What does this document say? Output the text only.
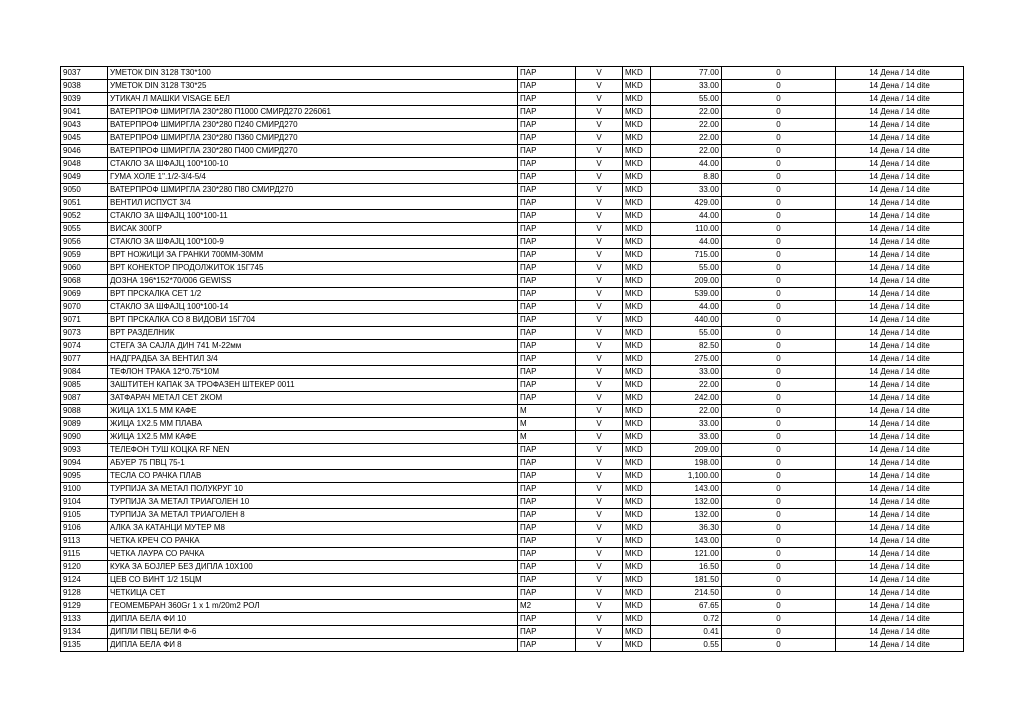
9037	УМЕТОК DIN 3128 T30*100	ПАР	V	MKD	77.00	0	14 Дена / 14 dite
9038	УМЕТОК DIN 3128 T30*25	ПАР	V	MKD	33.00	0	14 Дена / 14 dite
9039	УТИКАЧ Л МАШКИ VISAGE БЕЛ	ПАР	V	MKD	55.00	0	14 Дена / 14 dite
9041	ВАТЕРПРОФ ШМИРГЛА 230*280 П1000 СМИРД270 226061	ПАР	V	MKD	22.00	0	14 Дена / 14 dite
9043	ВАТЕРПРОФ ШМИРГЛА 230*280 П240 СМИРД270	ПАР	V	MKD	22.00	0	14 Дена / 14 dite
9045	ВАТЕРПРОФ ШМИРГЛА 230*280 П360 СМИРД270	ПАР	V	MKD	22.00	0	14 Дена / 14 dite
9046	ВАТЕРПРОФ ШМИРГЛА 230*280 П400 СМИРД270	ПАР	V	MKD	22.00	0	14 Дена / 14 dite
9048	СТАКЛО ЗА ШФАЈЦ 100*100-10	ПАР	V	MKD	44.00	0	14 Дена / 14 dite
9049	ГУМА ХОЛЕ 1".1/2-3/4-5/4	ПАР	V	MKD	8.80	0	14 Дена / 14 dite
9050	ВАТЕРПРОФ ШМИРГЛА 230*280 П80 СМИРД270	ПАР	V	MKD	33.00	0	14 Дена / 14 dite
9051	ВЕНТИЛ ИСПУСТ 3/4	ПАР	V	MKD	429.00	0	14 Дена / 14 dite
9052	СТАКЛО ЗА ШФАЈЦ 100*100-11	ПАР	V	MKD	44.00	0	14 Дена / 14 dite
9055	ВИСАК 300ГР	ПАР	V	MKD	110.00	0	14 Дена / 14 dite
9056	СТАКЛО ЗА ШФАЈЦ 100*100-9	ПАР	V	MKD	44.00	0	14 Дена / 14 dite
9059	ВРТ НОЖИЦИ ЗА ГРАНКИ 700ММ-30ММ	ПАР	V	MKD	715.00	0	14 Дена / 14 dite
9060	ВРТ КОНЕКТОР ПРОДОЛЖИТОК 15Г745	ПАР	V	MKD	55.00	0	14 Дена / 14 dite
9068	ДОЗНА 196*152*70/006 GEWISS	ПАР	V	MKD	209.00	0	14 Дена / 14 dite
9069	ВРТ ПРСКАЛКА СЕТ 1/2	ПАР	V	MKD	539.00	0	14 Дена / 14 dite
9070	СТАКЛО ЗА ШФАЈЦ 100*100-14	ПАР	V	MKD	44.00	0	14 Дена / 14 dite
9071	ВРТ ПРСКАЛКА СО 8 ВИДОВИ 15Г704	ПАР	V	MKD	440.00	0	14 Дена / 14 dite
9073	ВРТ РАЗДЕЛНИК	ПАР	V	MKD	55.00	0	14 Дена / 14 dite
9074	СТЕГА ЗА САЈЛА ДИН 741 М-22мм	ПАР	V	MKD	82.50	0	14 Дена / 14 dite
9077	НАДГРАДБА ЗА ВЕНТИЛ 3/4	ПАР	V	MKD	275.00	0	14 Дена / 14 dite
9084	ТЕФЛОН ТРАКА 12*0.75*10М	ПАР	V	MKD	33.00	0	14 Дена / 14 dite
9085	ЗАШТИТЕН КАПАК ЗА ТРОФАЗЕН ШТЕКЕР 0011	ПАР	V	MKD	22.00	0	14 Дена / 14 dite
9087	ЗАТФАРАЧ МЕТАЛ СЕТ 2КОМ	ПАР	V	MKD	242.00	0	14 Дена / 14 dite
9088	ЖИЦА 1Х1.5 ММ КАФЕ	М	V	MKD	22.00	0	14 Дена / 14 dite
9089	ЖИЦА 1Х2.5 ММ ПЛАВА	М	V	MKD	33.00	0	14 Дена / 14 dite
9090	ЖИЦА 1Х2.5 ММ КАФЕ	М	V	MKD	33.00	0	14 Дена / 14 dite
9093	ТЕЛЕФОН ТУШ КОЦКА RF NEN	ПАР	V	MKD	209.00	0	14 Дена / 14 dite
9094	АБУЕР 75 ПВЦ 75-1	ПАР	V	MKD	198.00	0	14 Дена / 14 dite
9095	ТЕСЛА СО РАЧКА ПЛАВ	ПАР	V	MKD	1,100.00	0	14 Дена / 14 dite
9100	ТУРПИЈА ЗА МЕТАЛ ПОЛУКРУГ 10	ПАР	V	MKD	143.00	0	14 Дена / 14 dite
9104	ТУРПИЈА ЗА МЕТАЛ ТРИАГОЛЕН 10	ПАР	V	MKD	132.00	0	14 Дена / 14 dite
9105	ТУРПИЈА ЗА МЕТАЛ ТРИАГОЛЕН 8	ПАР	V	MKD	132.00	0	14 Дена / 14 dite
9106	АЛКА ЗА КАТАНЦИ МУТЕР М8	ПАР	V	MKD	36.30	0	14 Дена / 14 dite
9113	ЧЕТКА КРЕЧ СО РАЧКА	ПАР	V	MKD	143.00	0	14 Дена / 14 dite
9115	ЧЕТКА ЛАУРА СО РАЧКА	ПАР	V	MKD	121.00	0	14 Дена / 14 dite
9120	КУКА ЗА БОЈЛЕР БЕЗ ДИПЛА 10Х100	ПАР	V	MKD	16.50	0	14 Дена / 14 dite
9124	ЦЕВ СО ВИНТ 1/2 15ЦМ	ПАР	V	MKD	181.50	0	14 Дена / 14 dite
9128	ЧЕТКИЦА СЕТ	ПАР	V	MKD	214.50	0	14 Дена / 14 dite
9129	ГЕОМЕМБРАН 360Gr 1 x 1 m/20m2 РОЛ	M2	V	MKD	67.65	0	14 Дена / 14 dite
9133	ДИПЛА БЕЛА ФИ 10	ПАР	V	MKD	0.72	0	14 Дена / 14 dite
9134	ДИПЛИ ПВЦ БЕЛИ Ф-6	ПАР	V	MKD	0.41	0	14 Дена / 14 dite
9135	ДИПЛА БЕЛА ФИ 8	ПАР	V	MKD	0.55	0	14 Дена / 14 dite
